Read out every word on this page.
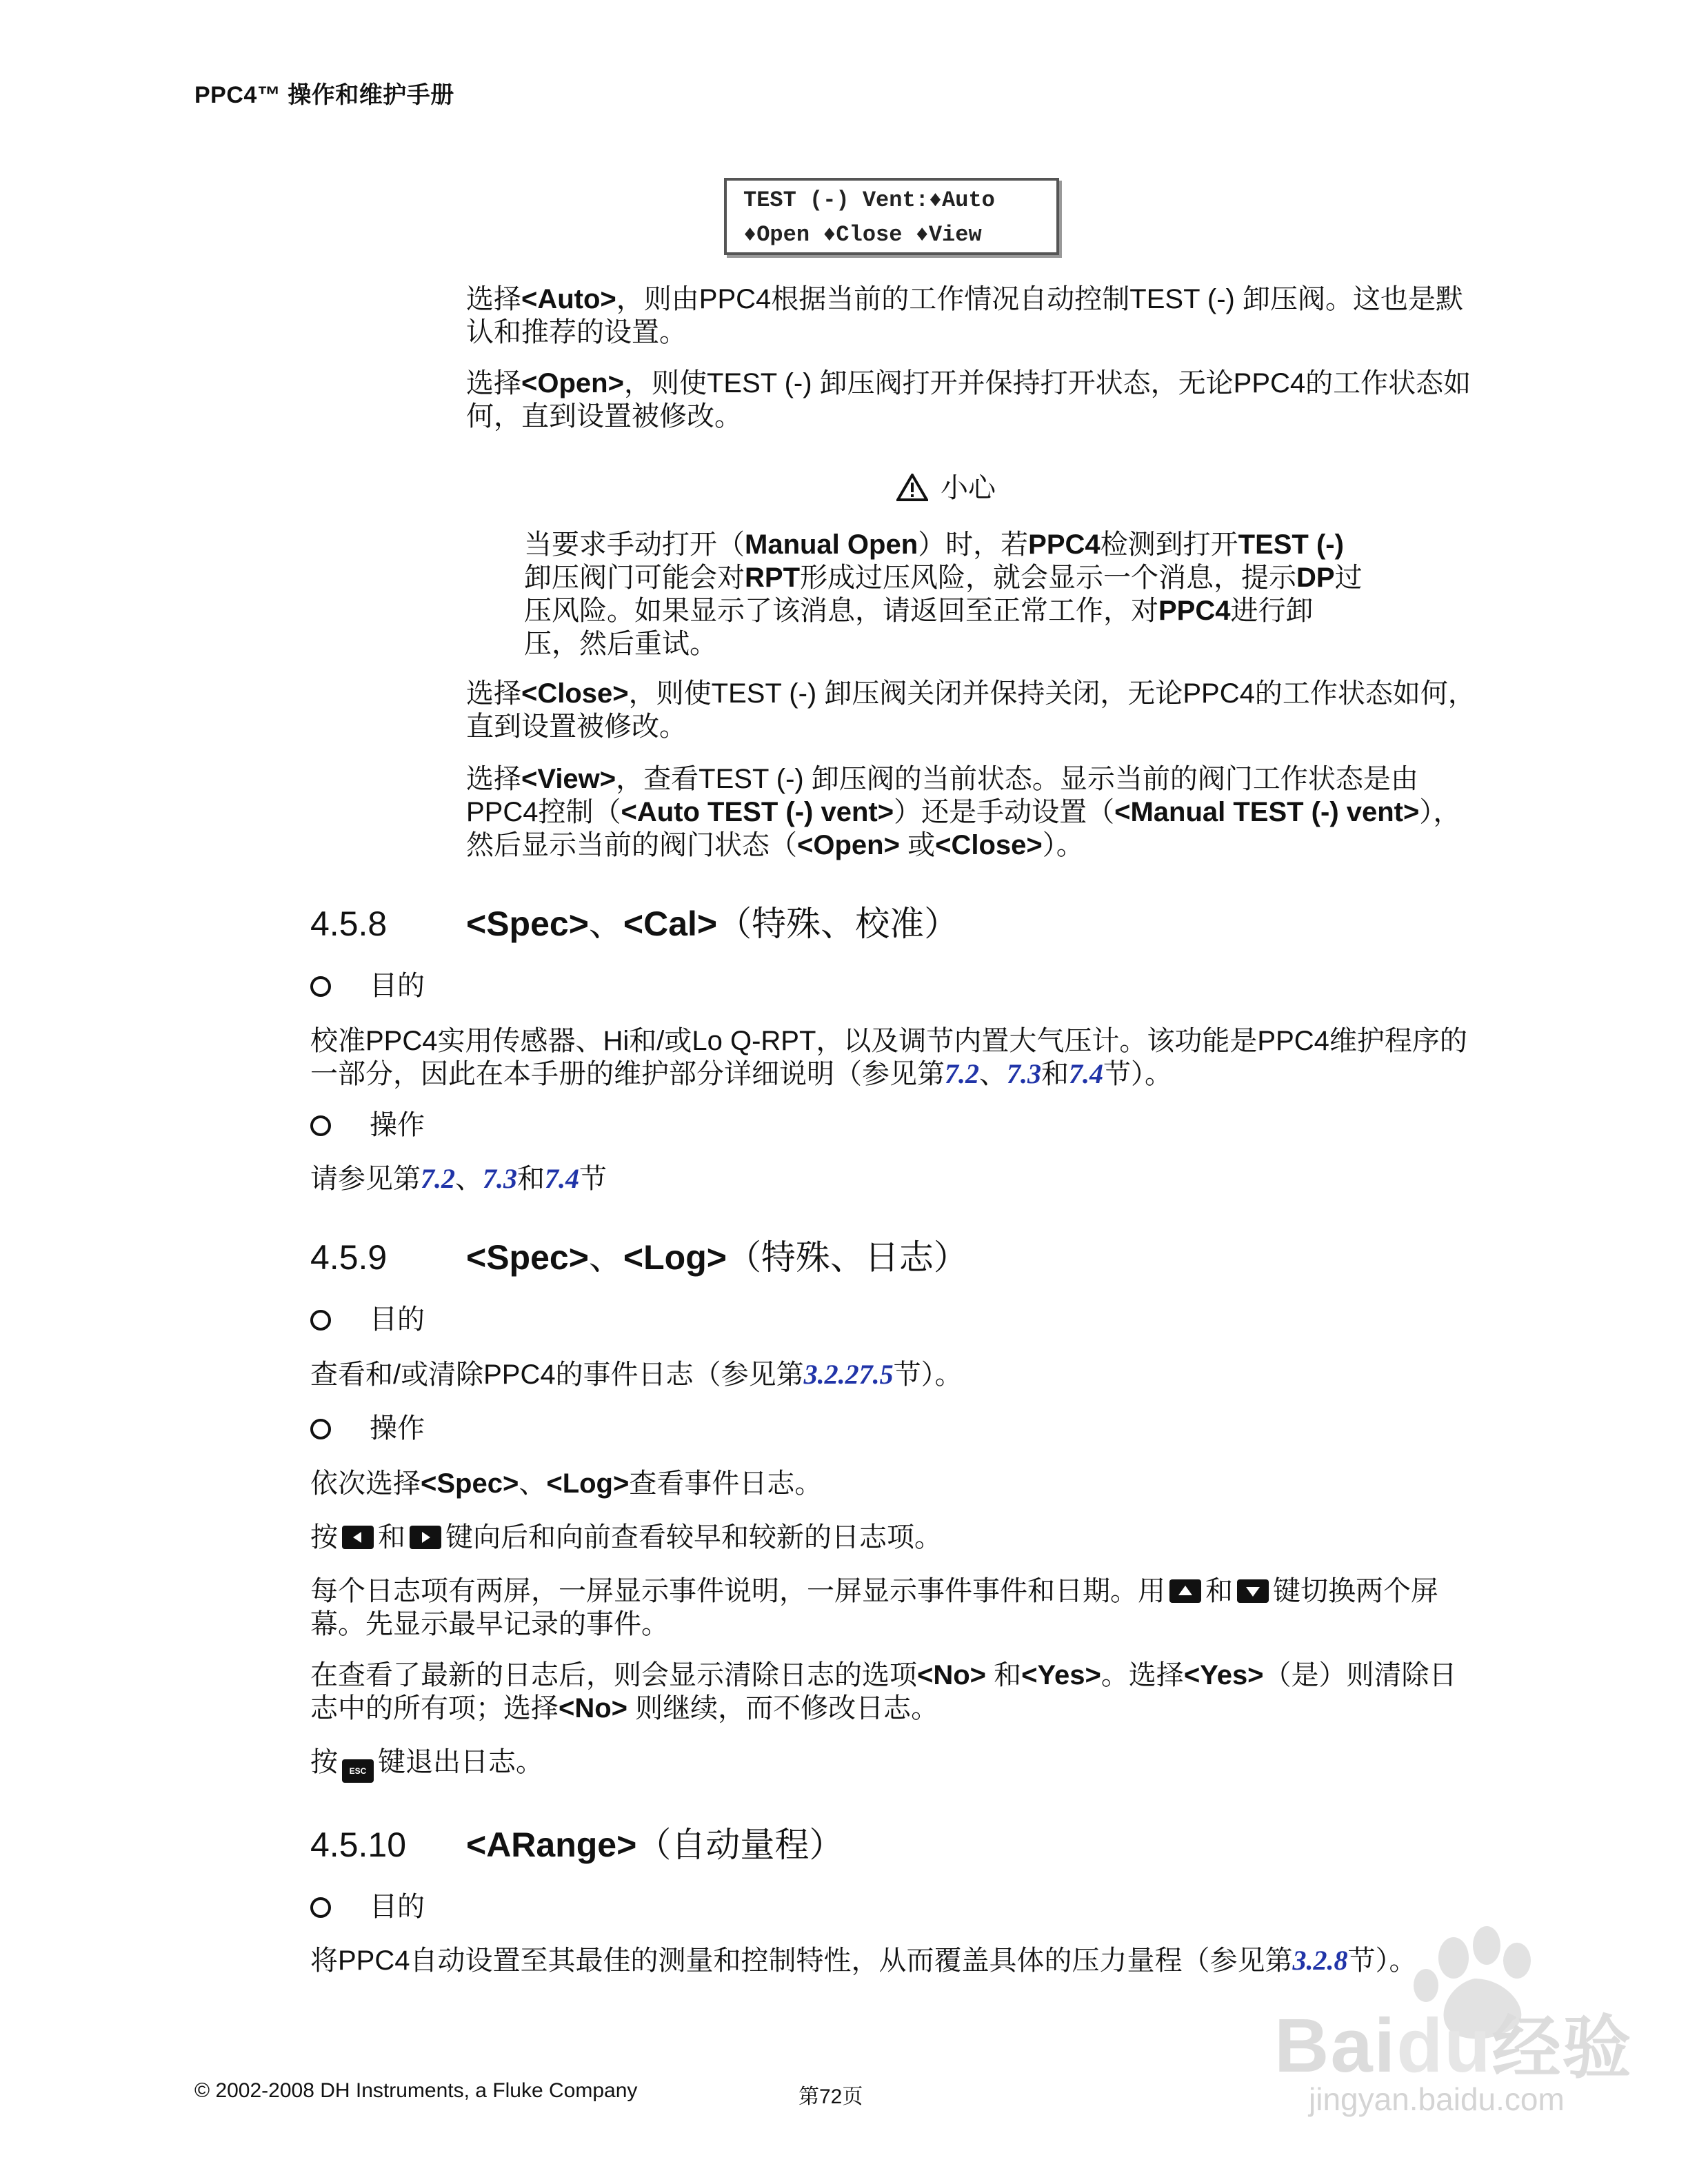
PPC4™ 操作和维护手册
TEST (-) Vent:♦Auto
♦Open ♦Close ♦View
选择<Auto>，则由PPC4根据当前的工作情况自动控制TEST (-) 卸压阀。这也是默认和推荐的设置。
选择<Open>，则使TEST (-) 卸压阀打开并保持打开状态，无论PPC4的工作状态如何，直到设置被修改。
小心
当要求手动打开（Manual Open）时，若PPC4检测到打开TEST (-)卸压阀门可能会对RPT形成过压风险，就会显示一个消息，提示DP过压风险。如果显示了该消息，请返回至正常工作，对PPC4进行卸压，然后重试。
选择<Close>，则使TEST (-) 卸压阀关闭并保持关闭，无论PPC4的工作状态如何，直到设置被修改。
选择<View>，查看TEST (-) 卸压阀的当前状态。显示当前的阀门工作状态是由PPC4控制（<Auto TEST (-) vent>）还是手动设置（<Manual TEST (-) vent>），然后显示当前的阀门状态（<Open> 或<Close>）。
4.5.8 <Spec>、<Cal>（特殊、校准）
目的
校准PPC4实用传感器、Hi和/或Lo Q-RPT，以及调节内置大气压计。该功能是PPC4维护程序的一部分，因此在本手册的维护部分详细说明（参见第7.2、7.3和7.4节）。
操作
请参见第7.2、7.3和7.4节
4.5.9 <Spec>、<Log>（特殊、日志）
目的
查看和/或清除PPC4的事件日志（参见第3.2.27.5节）。
操作
依次选择<Spec>、<Log>查看事件日志。
按 和 键向后和向前查看较早和较新的日志项。
每个日志项有两屏，一屏显示事件说明，一屏显示事件事件和日期。用 和 键切换两个屏幕。先显示最早记录的事件。
在查看了最新的日志后，则会显示清除日志的选项<No> 和<Yes>。选择<Yes>（是）则清除日志中的所有项；选择<No> 则继续，而不修改日志。
按 ESC 键退出日志。
4.5.10 <ARange>（自动量程）
目的
将PPC4自动设置至其最佳的测量和控制特性，从而覆盖具体的压力量程（参见第3.2.8节）。
Baidu经验
jingyan.baidu.com
© 2002-2008 DH Instruments, a Fluke Company	第72页
